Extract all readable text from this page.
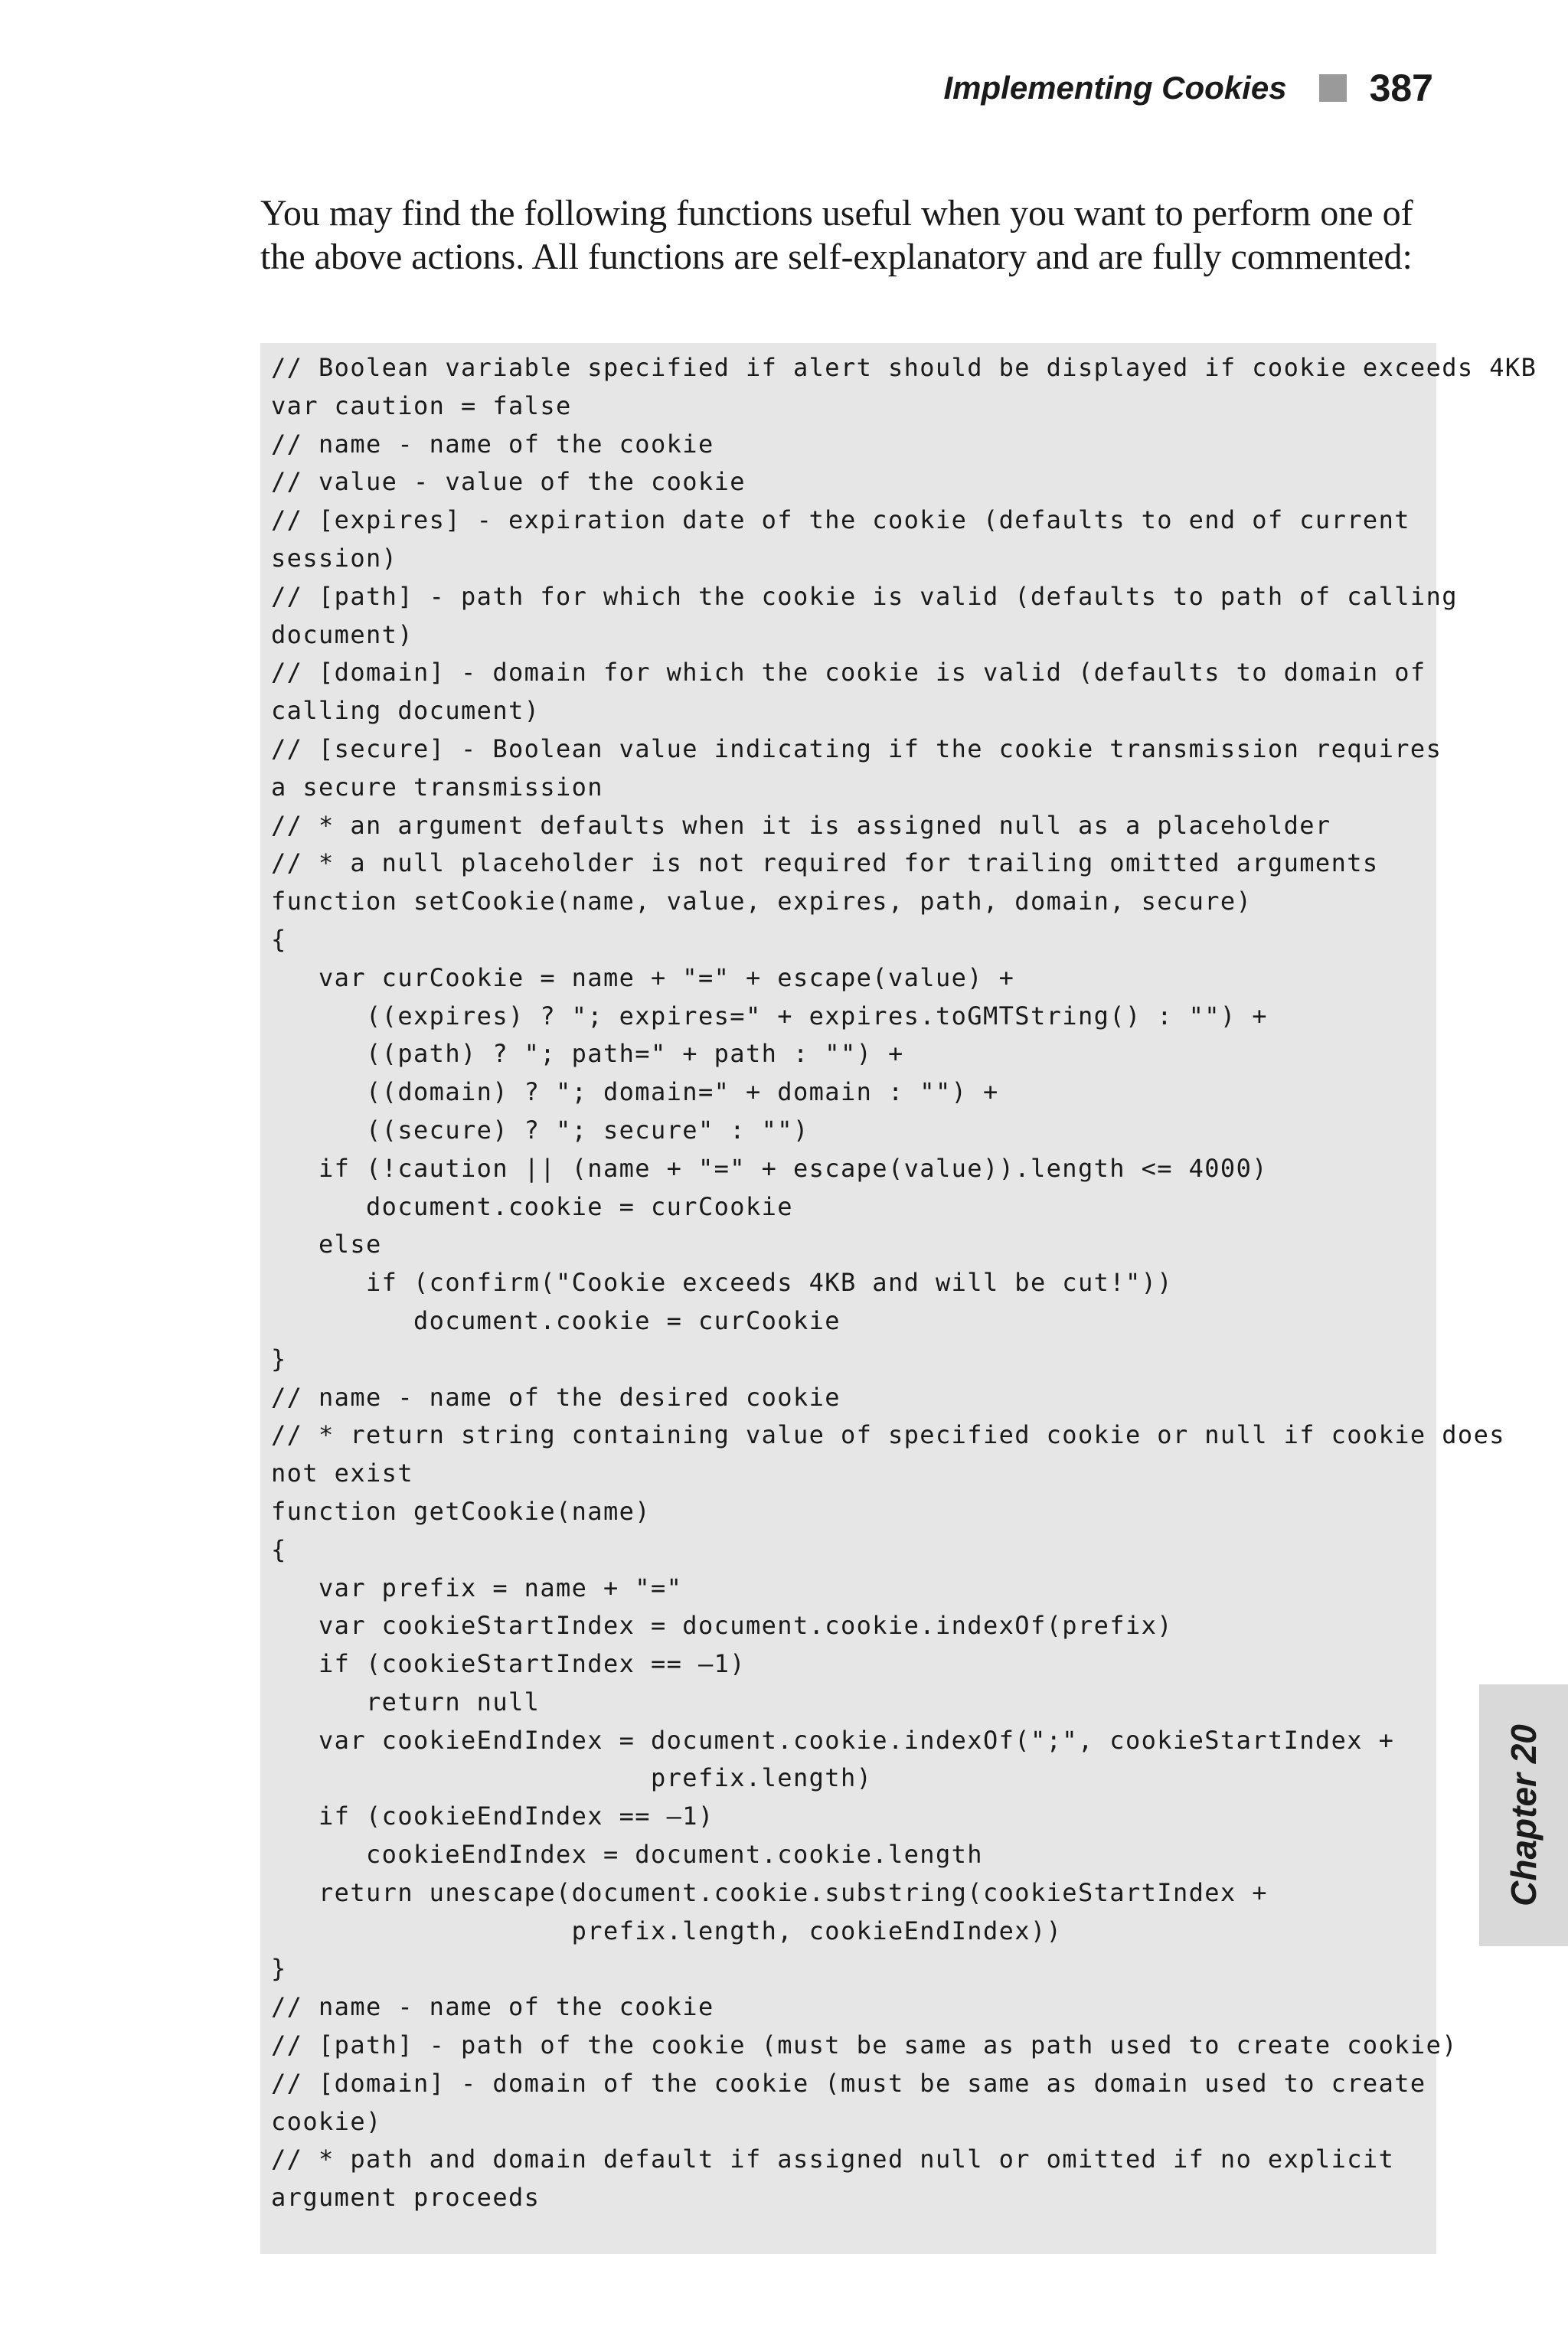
Implementing Cookies 387

You may find the following functions useful when you want to perform one of the above actions. All functions are self-explanatory and are fully commented:

// Boolean variable specified if alert should be displayed if cookie exceeds 4KB
var caution = false
// name - name of the cookie
// value - value of the cookie
// [expires] - expiration date of the cookie (defaults to end of current
session)
// [path] - path for which the cookie is valid (defaults to path of calling
document)
// [domain] - domain for which the cookie is valid (defaults to domain of
calling document)
// [secure] - Boolean value indicating if the cookie transmission requires
a secure transmission
// * an argument defaults when it is assigned null as a placeholder
// * a null placeholder is not required for trailing omitted arguments
function setCookie(name, value, expires, path, domain, secure)
{
var curCookie = name + "=" + escape(value) +
((expires) ? "; expires=" + expires.toGMTString() : "") +
((path) ? "; path=" + path : "") +
((domain) ? "; domain=" + domain : "") +
((secure) ? "; secure" : "")
if (!caution || (name + "=" + escape(value)).length <= 4000)
document.cookie = curCookie
else
if (confirm("Cookie exceeds 4KB and will be cut!"))
document.cookie = curCookie
}
// name - name of the desired cookie
// * return string containing value of specified cookie or null if cookie does
not exist
function getCookie(name)
{
var prefix = name + "="
var cookieStartIndex = document.cookie.indexOf(prefix)
if (cookieStartIndex == –1)
return null
var cookieEndIndex = document.cookie.indexOf(";", cookieStartIndex +
prefix.length)
if (cookieEndIndex == –1)
cookieEndIndex = document.cookie.length
return unescape(document.cookie.substring(cookieStartIndex +
prefix.length, cookieEndIndex))
}
// name - name of the cookie
// [path] - path of the cookie (must be same as path used to create cookie)
// [domain] - domain of the cookie (must be same as domain used to create
cookie)
// * path and domain default if assigned null or omitted if no explicit
argument proceeds
Chapter 20
